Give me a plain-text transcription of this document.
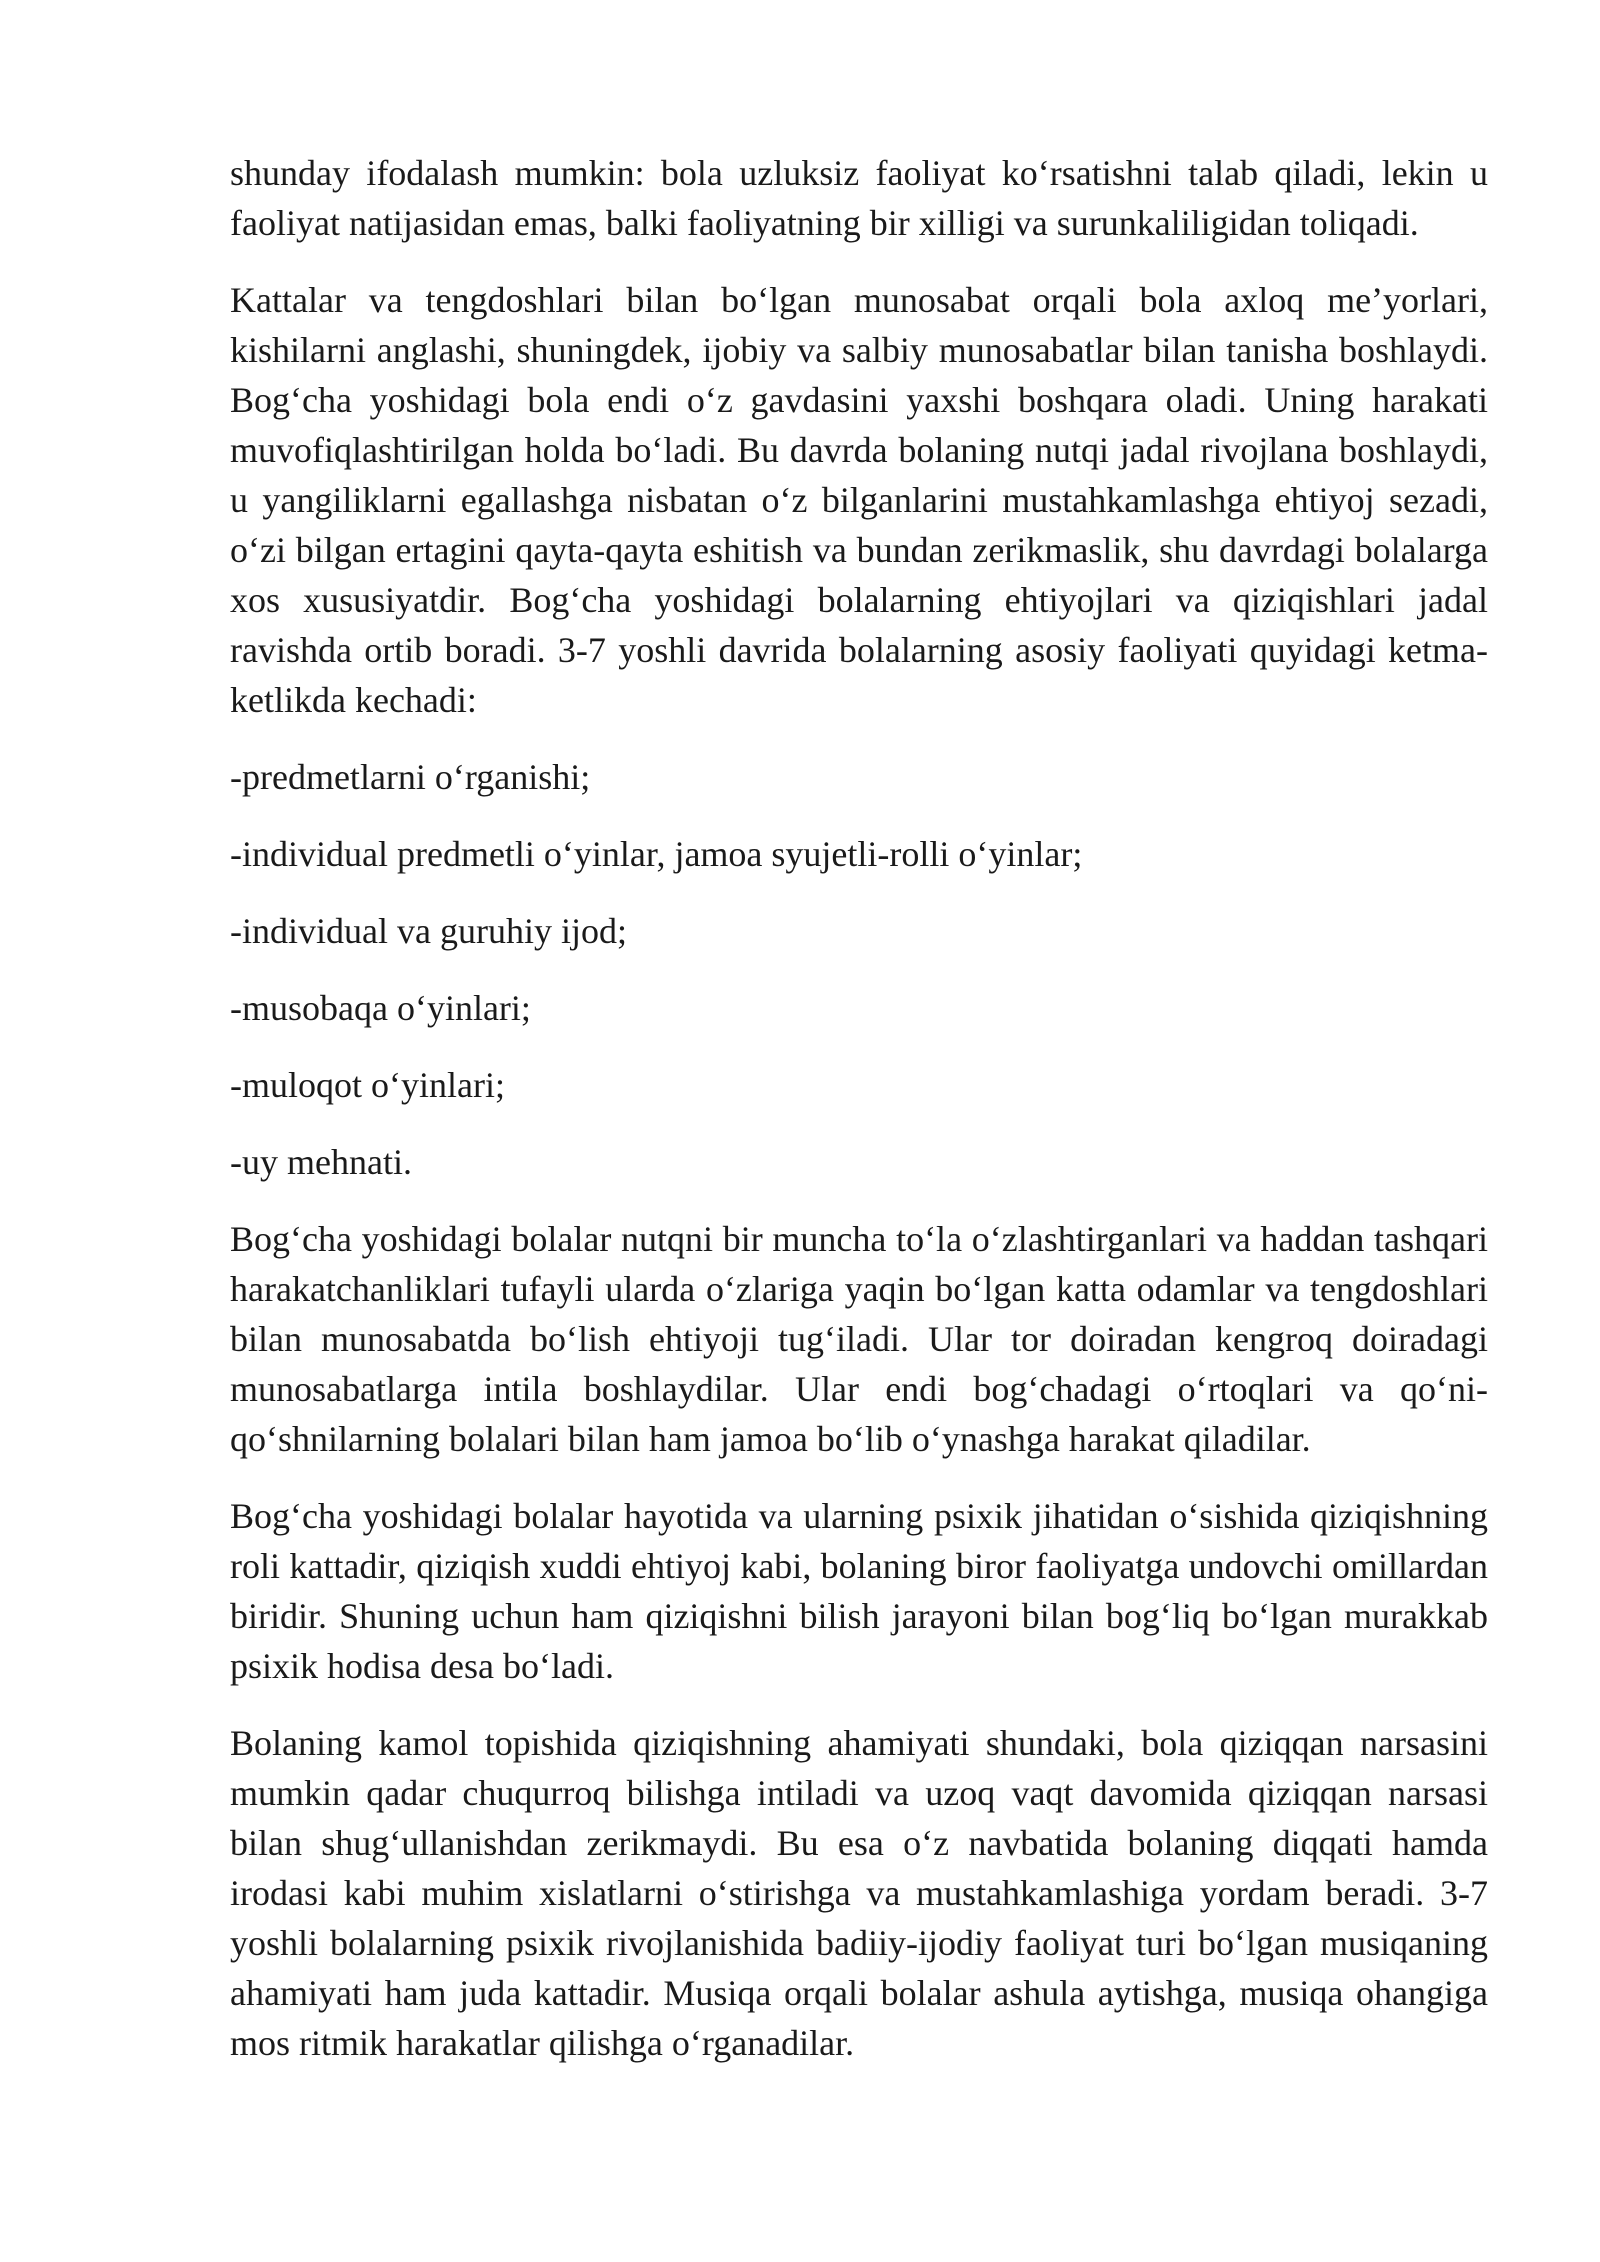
shunday ifodalash mumkin: bola uzluksiz faoliyat ko‘rsatishni talab qiladi, lekin u faoliyat natijasidan emas, balki faoliyatning bir xilligi va surunkaliligidan toliqadi.

Kattalar va tengdoshlari bilan bo‘lgan munosabat orqali bola axloq me’yorlari, kishilarni anglashi, shuningdek, ijobiy va salbiy munosabatlar bilan tanisha boshlaydi. Bog‘cha yoshidagi bola endi o‘z gavdasini yaxshi boshqara oladi. Uning harakati muvofiqlashtirilgan holda bo‘ladi. Bu davrda bolaning nutqi jadal rivojlana boshlaydi, u yangiliklarni egallashga nisbatan o‘z bilganlarini mustahkamlashga ehtiyoj sezadi, o‘zi bilgan ertagini qayta-qayta eshitish va bundan zerikmaslik, shu davrdagi bolalarga xos xususiyatdir. Bog‘cha yoshidagi bolalarning ehtiyojlari va qiziqishlari jadal ravishda ortib boradi. 3-7 yoshli davrida bolalarning asosiy faoliyati quyidagi ketma-ketlikda kechadi:

-predmetlarni o‘rganishi;

-individual predmetli o‘yinlar, jamoa syujetli-rolli o‘yinlar;

-individual va guruhiy ijod;

-musobaqa o‘yinlari;

-muloqot o‘yinlari;

-uy mehnati.

Bog‘cha yoshidagi bolalar nutqni bir muncha to‘la o‘zlashtirganlari va haddan tashqari harakatchanliklari tufayli ularda o‘zlariga yaqin bo‘lgan katta odamlar va tengdoshlari bilan munosabatda bo‘lish ehtiyoji tug‘iladi. Ular tor doiradan kengroq doiradagi munosabatlarga intila boshlaydilar. Ular endi bog‘chadagi o‘rtoqlari va qo‘ni-qo‘shnilarning bolalari bilan ham jamoa bo‘lib o‘ynashga harakat qiladilar.

Bog‘cha yoshidagi bolalar hayotida va ularning psixik jihatidan o‘sishida qiziqishning roli kattadir, qiziqish xuddi ehtiyoj kabi, bolaning biror faoliyatga undovchi omillardan biridir. Shuning uchun ham qiziqishni bilish jarayoni bilan bog‘liq bo‘lgan murakkab psixik hodisa desa bo‘ladi.

Bolaning kamol topishida qiziqishning ahamiyati shundaki, bola qiziqqan narsasini mumkin qadar chuqurroq bilishga intiladi va uzoq vaqt davomida qiziqqan narsasi bilan shug‘ullanishdan zerikmaydi. Bu esa o‘z navbatida bolaning diqqati hamda irodasi kabi muhim xislatlarni o‘stirishga va mustahkamlashiga yordam beradi. 3-7 yoshli bolalarning psixik rivojlanishida badiiy-ijodiy faoliyat turi bo‘lgan musiqaning ahamiyati ham juda kattadir. Musiqa orqali bolalar ashula aytishga, musiqa ohangiga mos ritmik harakatlar qilishga o‘rganadilar.
